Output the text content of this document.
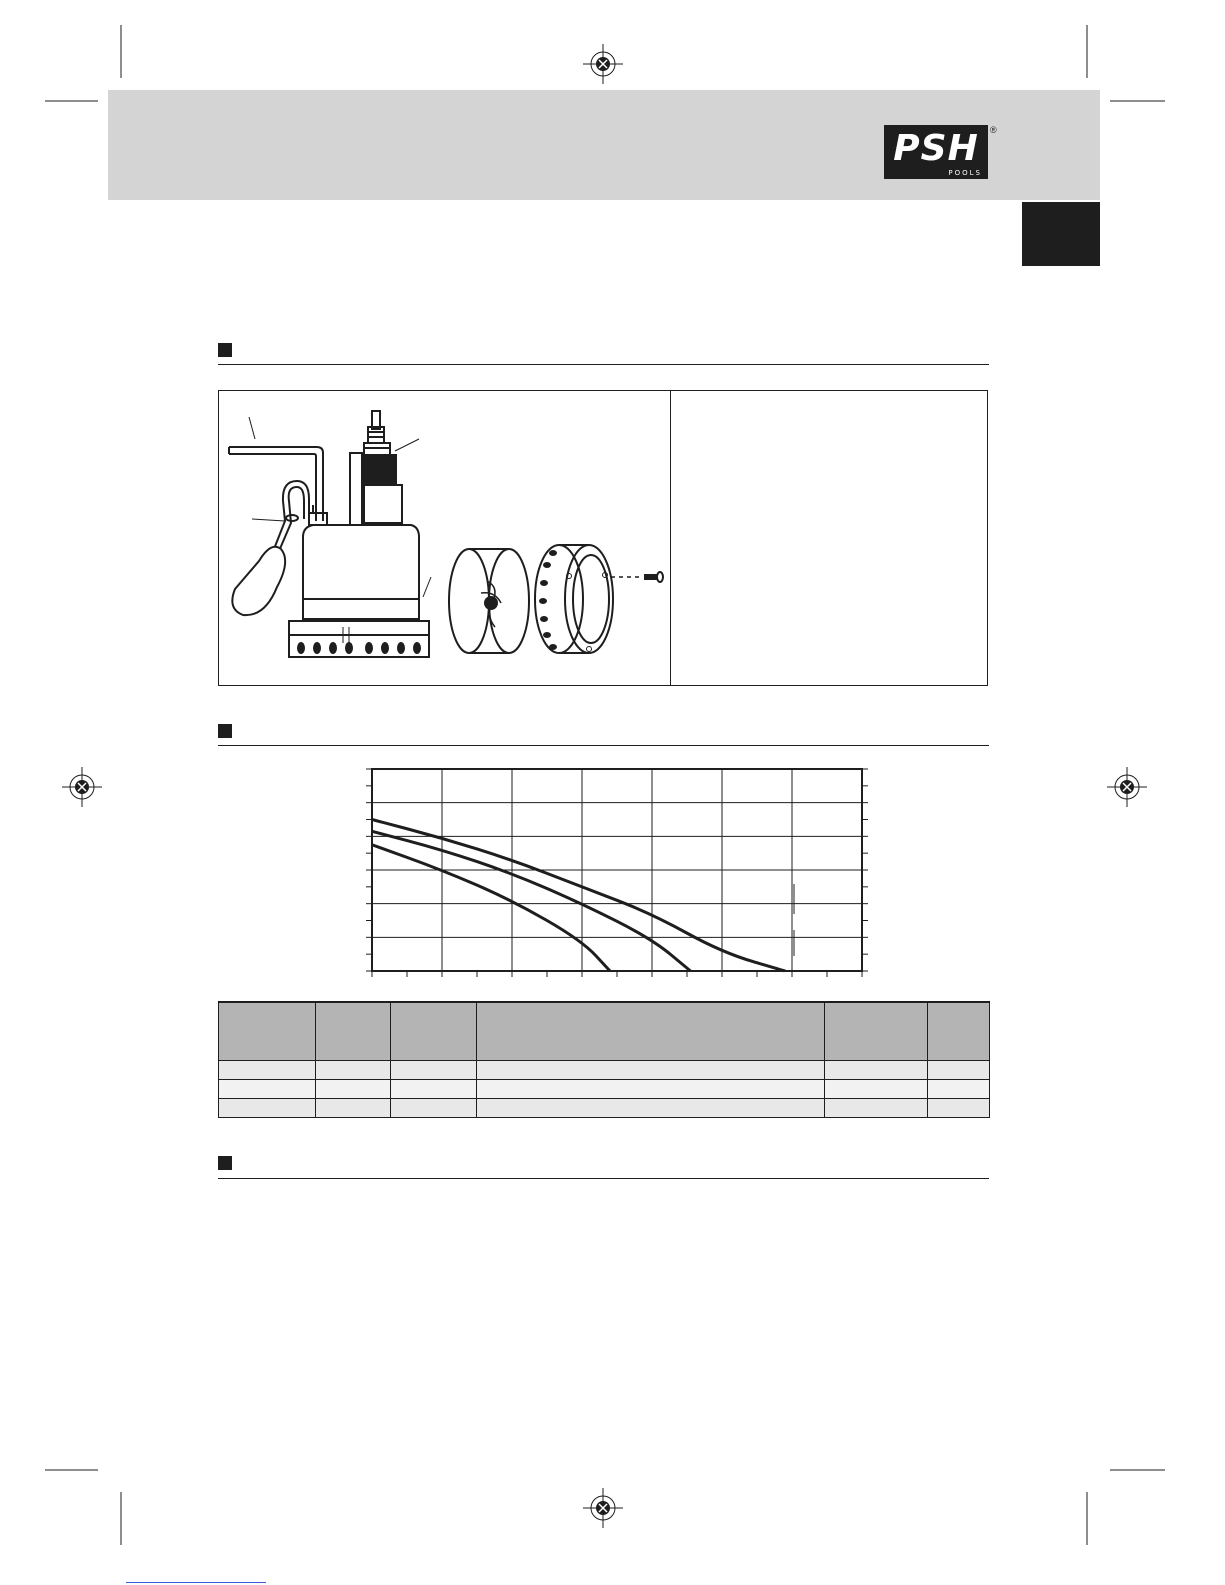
PSH
POOLS
®
